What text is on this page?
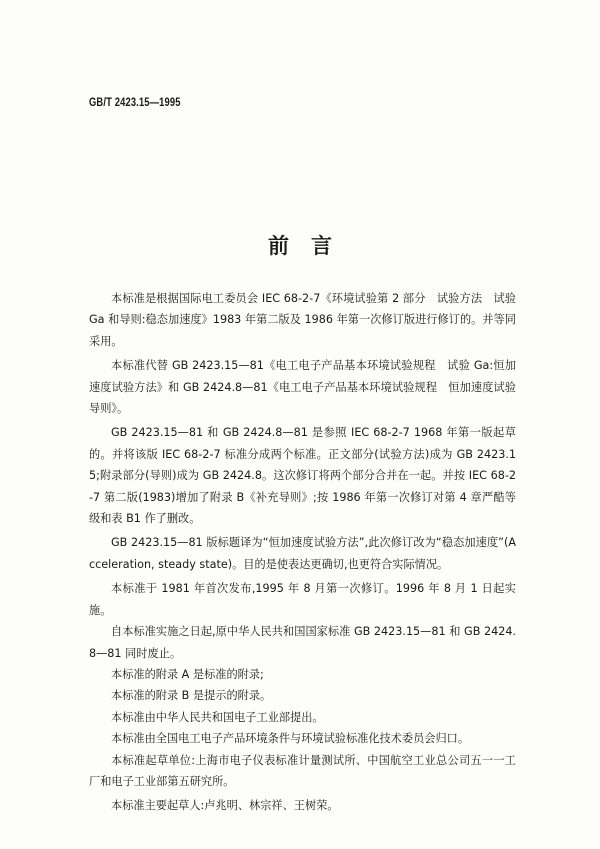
GB/T 2423.15—1995
前言

本标准是根据国际电工委员会 IEC 68-2-7《环境试验第 2 部分　试验方法　试验 Ga 和导则:稳态加速度》1983 年第二版及 1986 年第一次修订版进行修订的。并等同采用。

本标准代替 GB 2423.15—81《电工电子产品基本环境试验规程　试验 Ga:恒加速度试验方法》和 GB 2424.8—81《电工电子产品基本环境试验规程　恒加速度试验导则》。

GB 2423.15—81 和 GB 2424.8—81 是参照 IEC 68-2-7 1968 年第一版起草的。并将该版 IEC 68-2-7 标准分成两个标准。正文部分(试验方法)成为 GB 2423.15;附录部分(导则)成为 GB 2424.8。这次修订将两个部分合并在一起。并按 IEC 68-2-7 第二版(1983)增加了附录 B《补充导则》;按 1986 年第一次修订对第 4 章严酷等级和表 B1 作了删改。

GB 2423.15—81 版标题译为“恒加速度试验方法”,此次修订改为“稳态加速度”(Acceleration, steady state)。目的是使表达更确切,也更符合实际情况。

本标准于 1981 年首次发布,1995 年 8 月第一次修订。1996 年 8 月 1 日起实施。

自本标准实施之日起,原中华人民共和国国家标准 GB 2423.15—81 和 GB 2424.8—81 同时废止。

本标准的附录 A 是标准的附录;

本标准的附录 B 是提示的附录。

本标准由中华人民共和国电子工业部提出。

本标准由全国电工电子产品环境条件与环境试验标准化技术委员会归口。

本标准起草单位:上海市电子仪表标准计量测试所、中国航空工业总公司五一一工厂和电子工业部第五研究所。

本标准主要起草人:卢兆明、林宗祥、王树荣。
